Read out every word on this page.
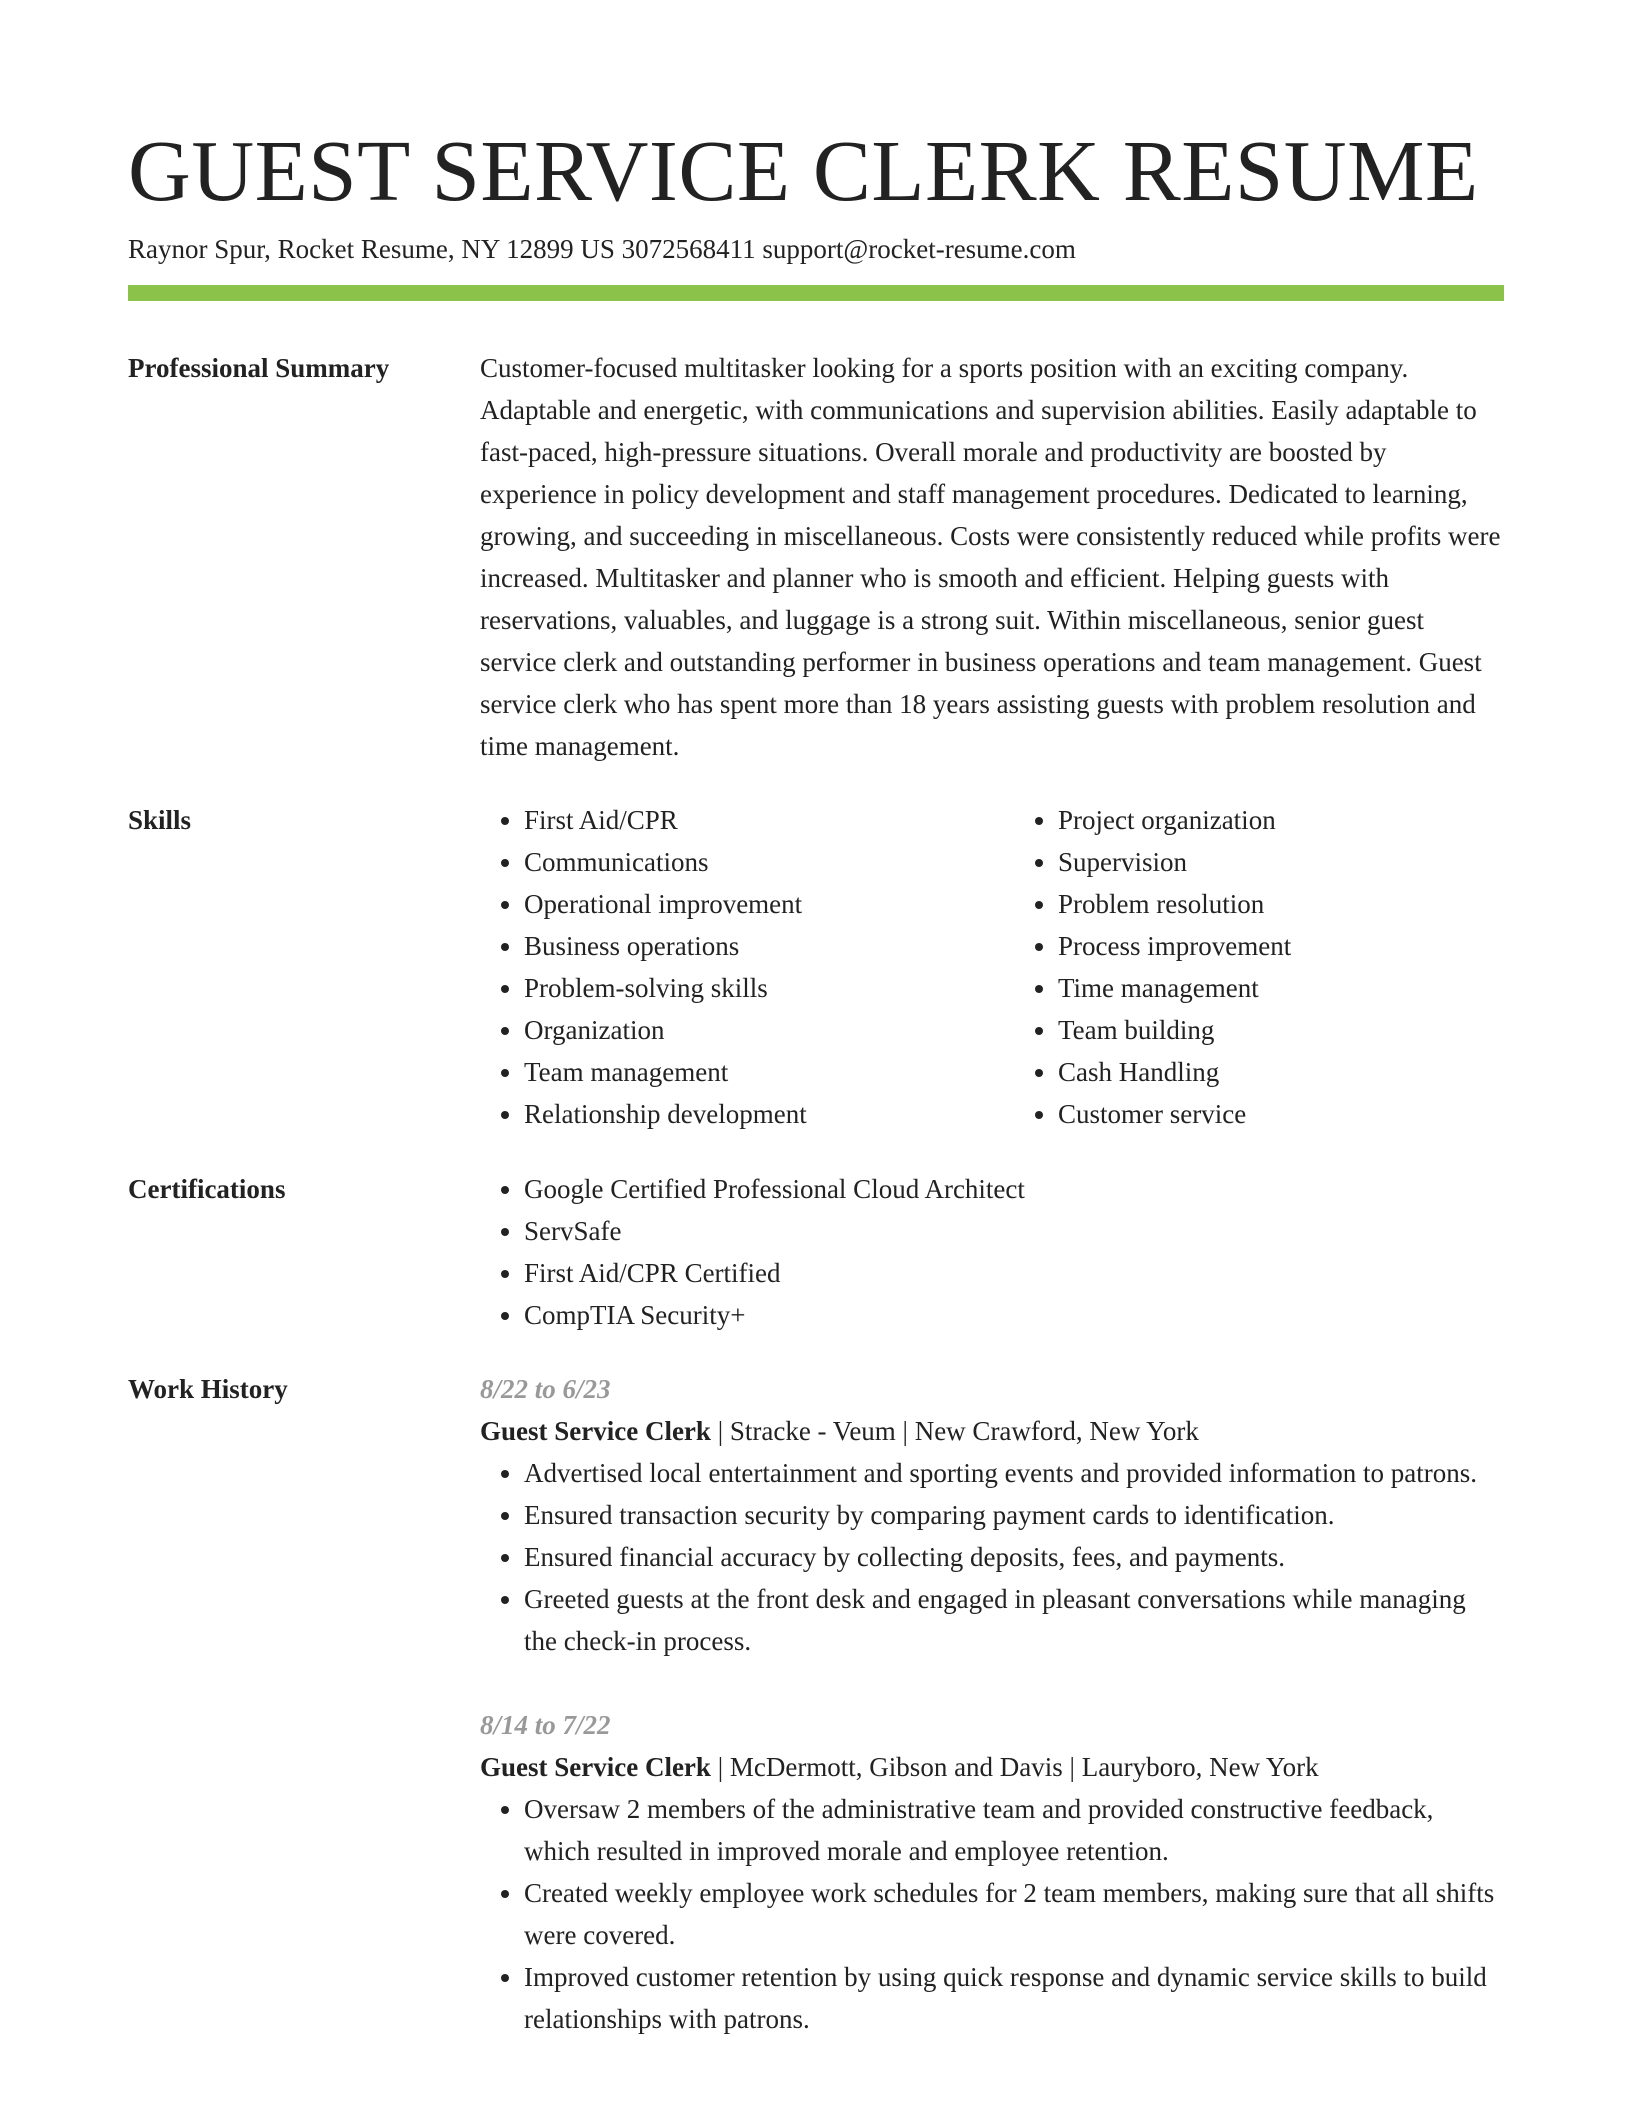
GUEST SERVICE CLERK RESUME
Raynor Spur, Rocket Resume, NY 12899 US 3072568411 support@rocket-resume.com
Professional Summary	Customer-focused multitasker looking for a sports position with an exciting company. Adaptable and energetic, with communications and supervision abilities. Easily adaptable to fast-paced, high-pressure situations. Overall morale and productivity are boosted by experience in policy development and staff management procedures. Dedicated to learning, growing, and succeeding in miscellaneous. Costs were consistently reduced while profits were increased. Multitasker and planner who is smooth and efficient. Helping guests with reservations, valuables, and luggage is a strong suit. Within miscellaneous, senior guest service clerk and outstanding performer in business operations and team management. Guest service clerk who has spent more than 18 years assisting guests with problem resolution and time management.

Skills	• First Aid/CPR
• Communications
• Operational improvement
• Business operations
• Problem-solving skills
• Organization
• Team management
• Relationship development
• Project organization
• Supervision
• Problem resolution
• Process improvement
• Time management
• Team building
• Cash Handling
• Customer service
Certifications	• Google Certified Professional Cloud Architect
• ServSafe
• First Aid/CPR Certified
• CompTIA Security+
Work History	8/22 to 6/23
Guest Service Clerk | Stracke - Veum | New Crawford, New York
• Advertised local entertainment and sporting events and provided information to patrons.
• Ensured transaction security by comparing payment cards to identification.
• Ensured financial accuracy by collecting deposits, fees, and payments.
• Greeted guests at the front desk and engaged in pleasant conversations while managing the check-in process.
8/14 to 7/22
Guest Service Clerk | McDermott, Gibson and Davis | Lauryboro, New York
• Oversaw 2 members of the administrative team and provided constructive feedback, which resulted in improved morale and employee retention.
• Created weekly employee work schedules for 2 team members, making sure that all shifts were covered.
• Improved customer retention by using quick response and dynamic service skills to build relationships with patrons.
